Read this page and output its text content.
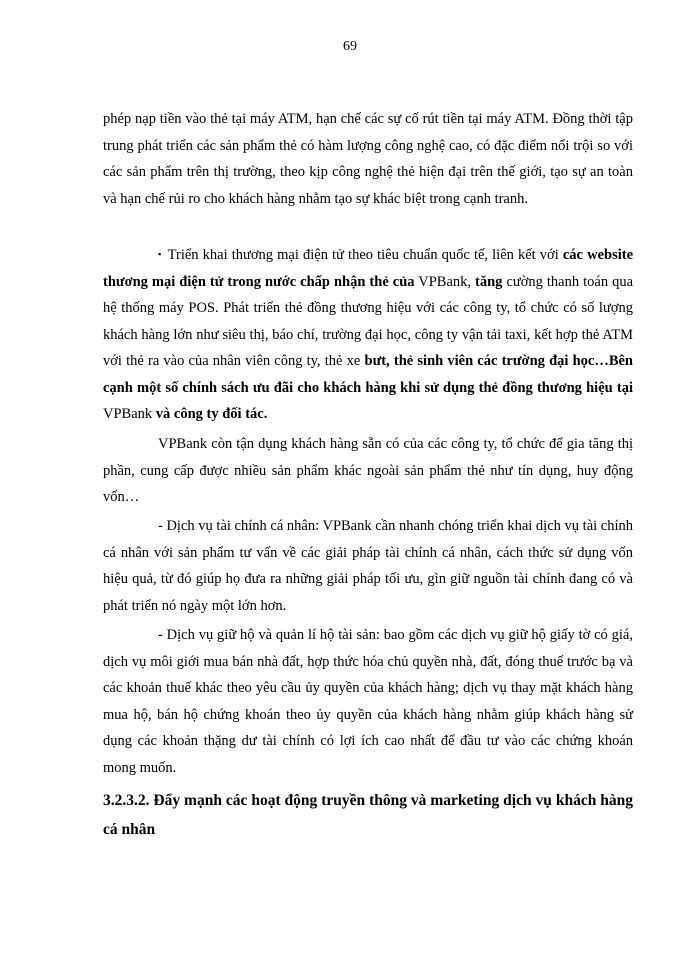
69

phép nạp tiền vào thẻ tại máy ATM, hạn chế các sự cố rút tiền tại máy ATM. Đồng thời tập trung phát triển các sản phẩm thẻ có hàm lượng công nghệ cao, có đặc điểm nổi trội so với các sản phẩm trên thị trường, theo kịp công nghệ thẻ hiện đại trên thế giới, tạo sự an toàn và hạn chế rủi ro cho khách hàng nhằm tạo sự khác biệt trong cạnh tranh.

▪ Triển khai thương mại điện tử theo tiêu chuẩn quốc tế, liên kết với các website thương mại điện tử trong nước chấp nhận thẻ của VPBank, tăng cường thanh toán qua hệ thống máy POS. Phát triển thẻ đồng thương hiệu với các công ty, tổ chức có số lượng khách hàng lớn như siêu thị, báo chí, trường đại học, công ty vận tải taxi, kết hợp thẻ ATM với thẻ ra vào của nhân viên công ty, thẻ xe bưt, thẻ sinh viên các trường đại học…Bên cạnh một số chính sách ưu đãi cho khách hàng khi sử dụng thẻ đồng thương hiệu tại VPBank và công ty đối tác.

VPBank còn tận dụng khách hàng sẵn có của các công ty, tổ chức để gia tăng thị phần, cung cấp được nhiều sản phẩm khác ngoài sản phẩm thẻ như tín dụng, huy động vốn…

- Dịch vụ tài chính cá nhân: VPBank cần nhanh chóng triển khai dịch vụ tài chính cá nhân với sản phẩm tư vấn về các giải pháp tài chính cá nhân, cách thức sử dụng vốn hiệu quả, từ đó giúp họ đưa ra những giải pháp tối ưu, gìn giữ nguồn tài chính đang có và phát triển nó ngày một lớn hơn.

- Dịch vụ giữ hộ và quản lí hộ tài sản: bao gồm các dịch vụ giữ hộ giấy tờ có giá, dịch vụ môi giới mua bán nhà đất, hợp thức hóa chủ quyền nhà, đất, đóng thuế trước bạ và các khoản thuế khác theo yêu cầu ủy quyền của khách hàng; dịch vụ thay mặt khách hàng mua hộ, bán hộ chứng khoán theo ủy quyền của khách hàng nhằm giúp khách hàng sử dụng các khoản thặng dư tài chính có lợi ích cao nhất để đầu tư vào các chứng khoán mong muốn.

3.2.3.2. Đẩy mạnh các hoạt động truyền thông và marketing dịch vụ khách hàng cá nhân
